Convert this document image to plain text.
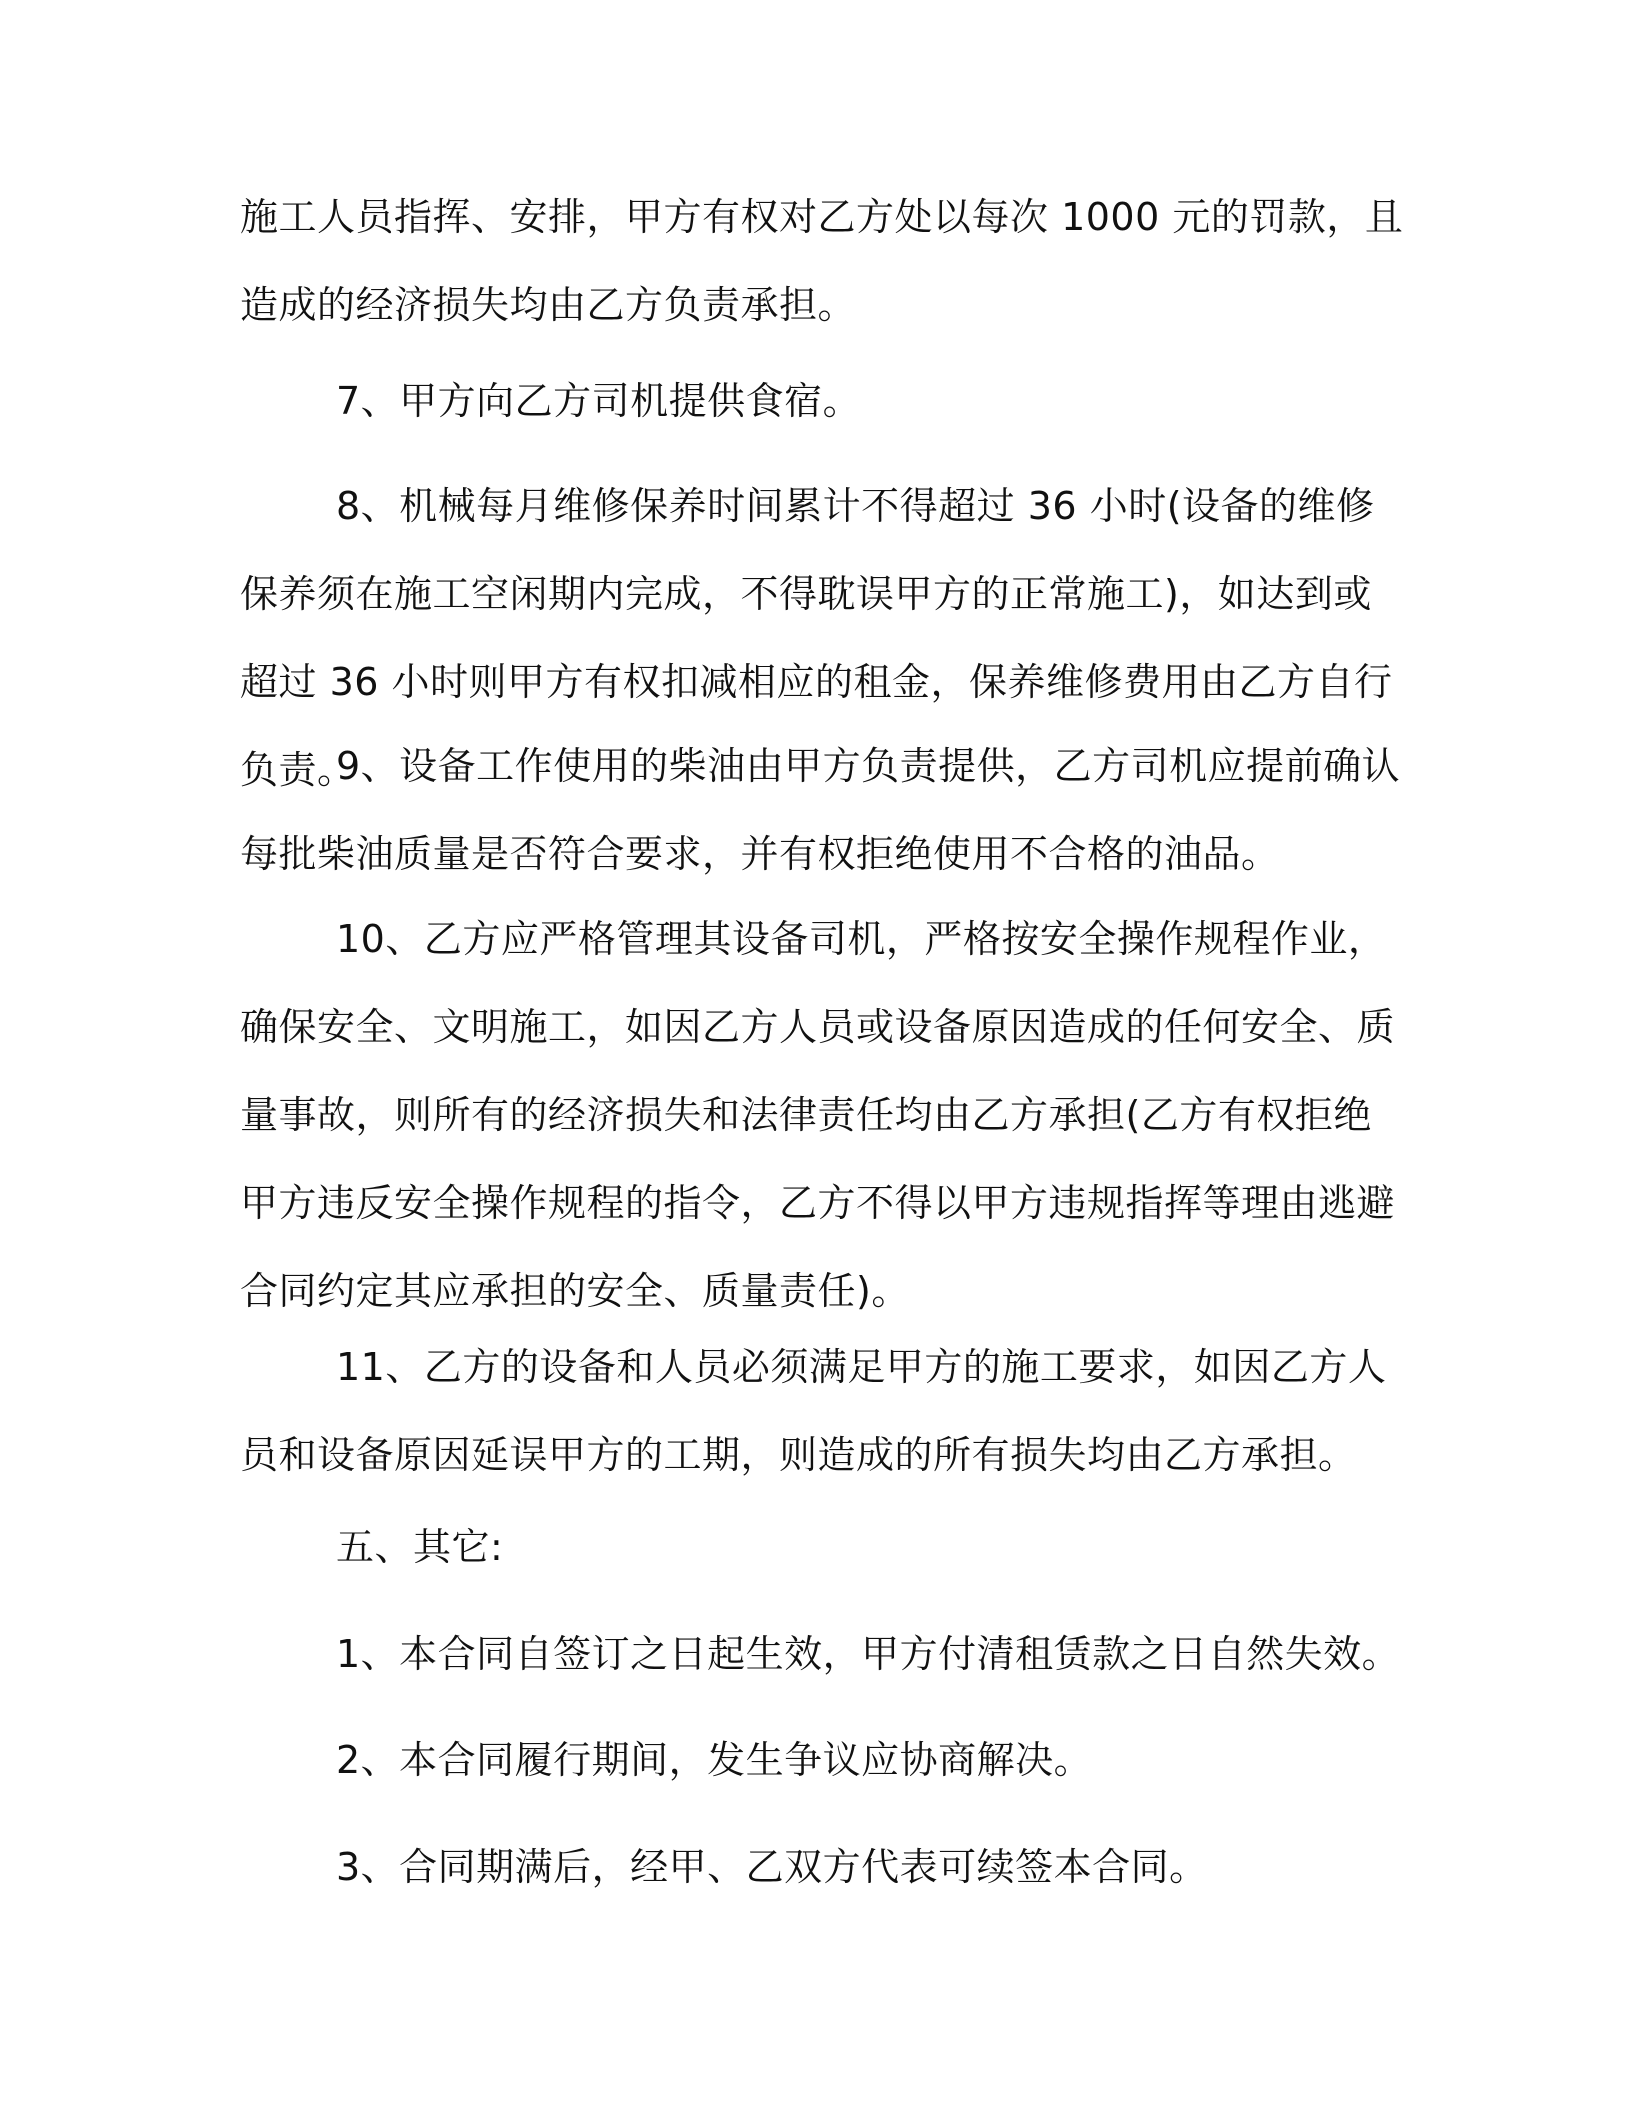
施工人员指挥、安排，甲方有权对乙方处以每次 1000 元的罚款，且造成的经济损失均由乙方负责承担。

7、甲方向乙方司机提供食宿。

8、机械每月维修保养时间累计不得超过 36 小时(设备的维修保养须在施工空闲期内完成，不得耽误甲方的正常施工)，如达到或超过 36 小时则甲方有权扣减相应的租金，保养维修费用由乙方自行负责。

9、设备工作使用的柴油由甲方负责提供，乙方司机应提前确认每批柴油质量是否符合要求，并有权拒绝使用不合格的油品。

10、乙方应严格管理其设备司机，严格按安全操作规程作业，确保安全、文明施工，如因乙方人员或设备原因造成的任何安全、质量事故，则所有的经济损失和法律责任均由乙方承担(乙方有权拒绝甲方违反安全操作规程的指令，乙方不得以甲方违规指挥等理由逃避合同约定其应承担的安全、质量责任)。

11、乙方的设备和人员必须满足甲方的施工要求，如因乙方人员和设备原因延误甲方的工期，则造成的所有损失均由乙方承担。

五、其它:

1、本合同自签订之日起生效，甲方付清租赁款之日自然失效。

2、本合同履行期间，发生争议应协商解决。

3、合同期满后，经甲、乙双方代表可续签本合同。
